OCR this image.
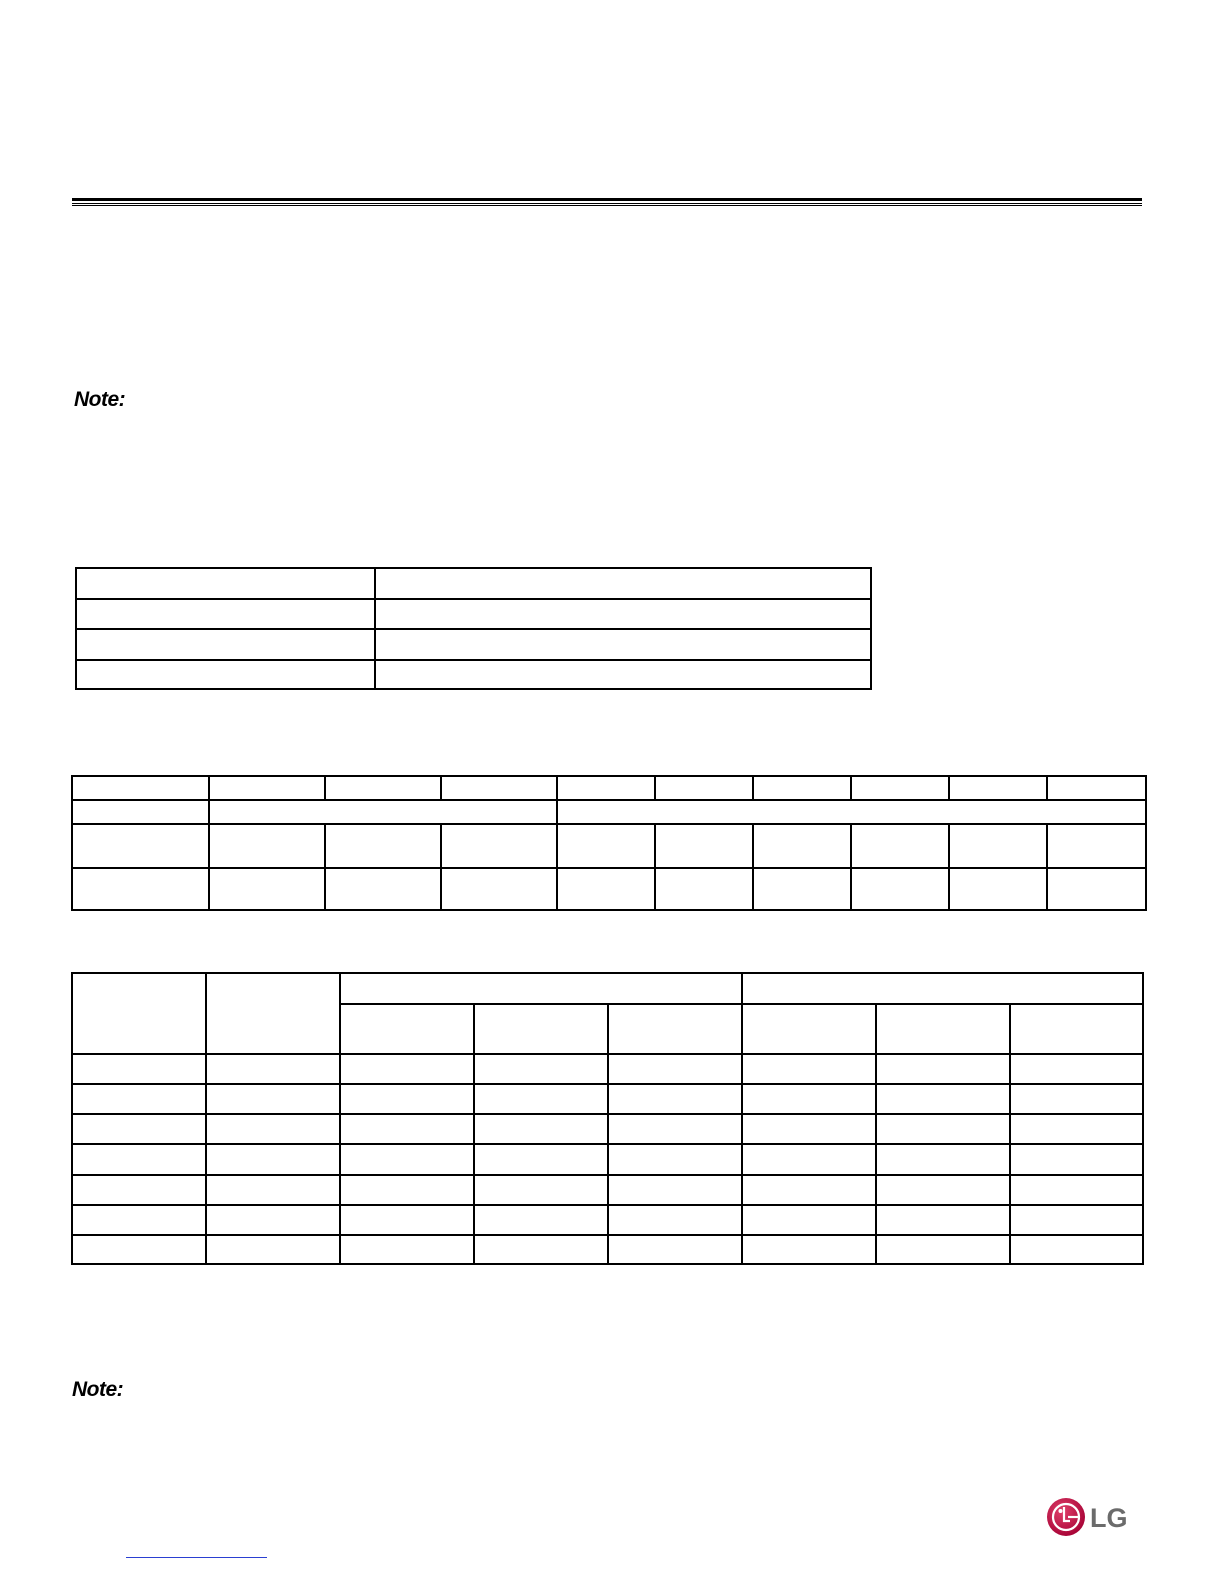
Note:

Note:
LG
